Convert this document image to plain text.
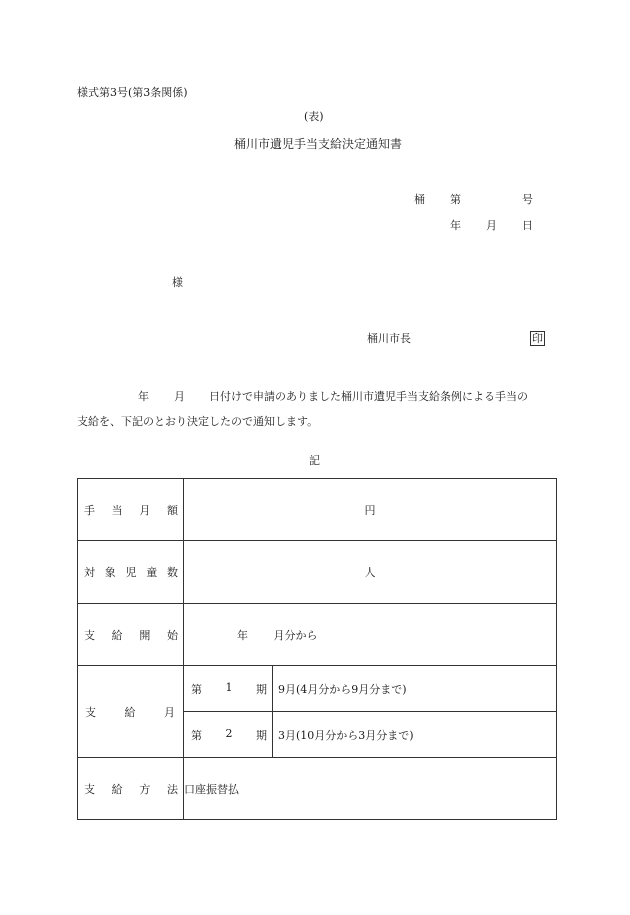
様式第3号(第3条関係)
(表)
桶川市遺児手当支給決定通知書
桶 第	号
年 月 日
様
桶川市長	印
年 月 日付けで申請のありました桶川市遺児手当支給条例による手当の
支給を、下記のとおり決定したので通知します。
記
手 当 月 額	円	

対 象 児 童 数	人	

支 給 開 始	年 月分から	

支 給 月	第 1 期	9月(4月分から9月分まで)

	第 2 期	3月(10月分から3月分まで)

支 給 方 法	口座振替払	
